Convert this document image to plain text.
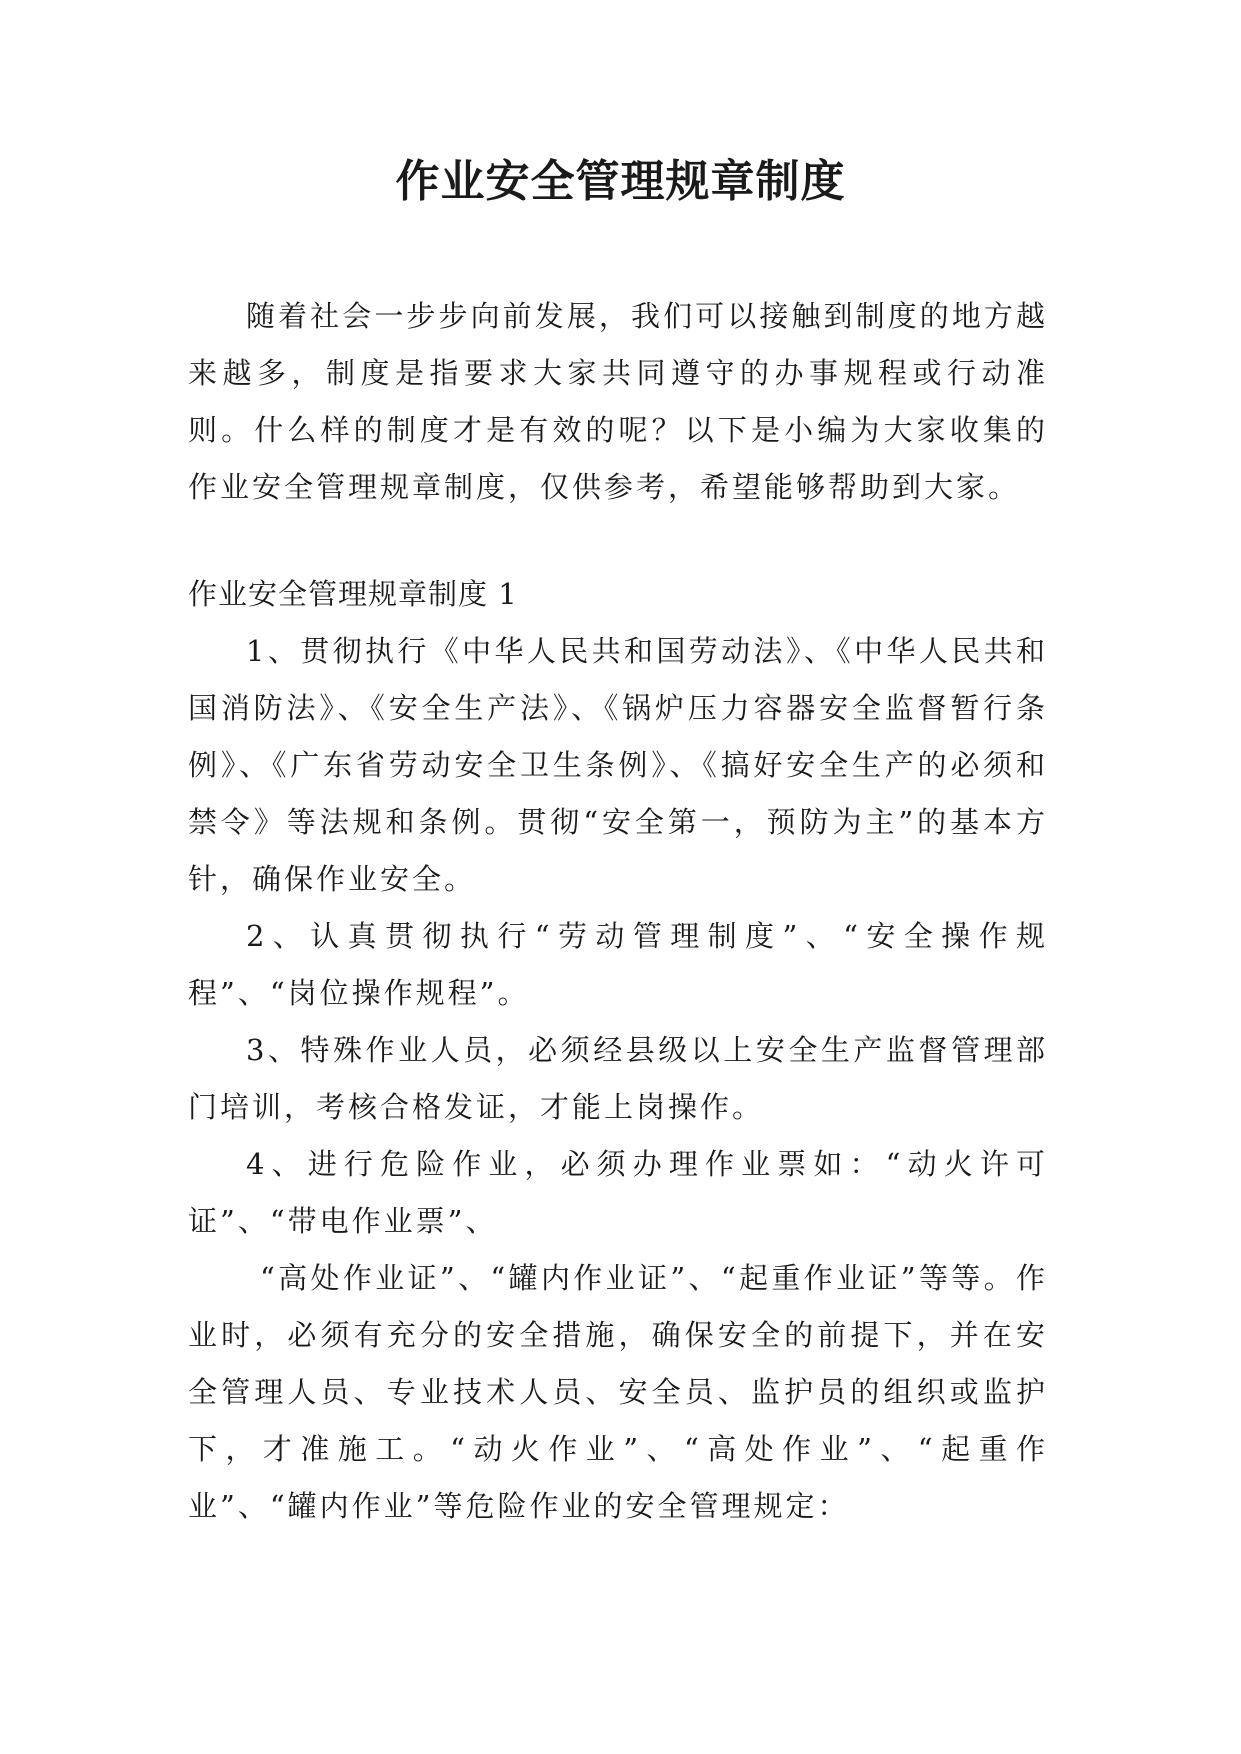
作业安全管理规章制度

随着社会一步步向前发展，我们可以接触到制度的地方越来越多，制度是指要求大家共同遵守的办事规程或行动准则。什么样的制度才是有效的呢？以下是小编为大家收集的作业安全管理规章制度，仅供参考，希望能够帮助到大家。

作业安全管理规章制度 1

1、贯彻执行《中华人民共和国劳动法》、《中华人民共和国消防法》、《安全生产法》、《锅炉压力容器安全监督暂行条例》、《广东省劳动安全卫生条例》、《搞好安全生产的必须和禁令》等法规和条例。贯彻“安全第一，预防为主”的基本方针，确保作业安全。

2、认真贯彻执行“劳动管理制度”、“安全操作规程”、“岗位操作规程”。

3、特殊作业人员，必须经县级以上安全生产监督管理部门培训，考核合格发证，才能上岗操作。

4、进行危险作业，必须办理作业票如：“动火许可证”、“带电作业票”、

“高处作业证”、“罐内作业证”、“起重作业证”等等。作业时，必须有充分的安全措施，确保安全的前提下，并在安全管理人员、专业技术人员、安全员、监护员的组织或监护下，才准施工。“动火作业”、“高处作业”、“起重作业”、“罐内作业”等危险作业的安全管理规定：
